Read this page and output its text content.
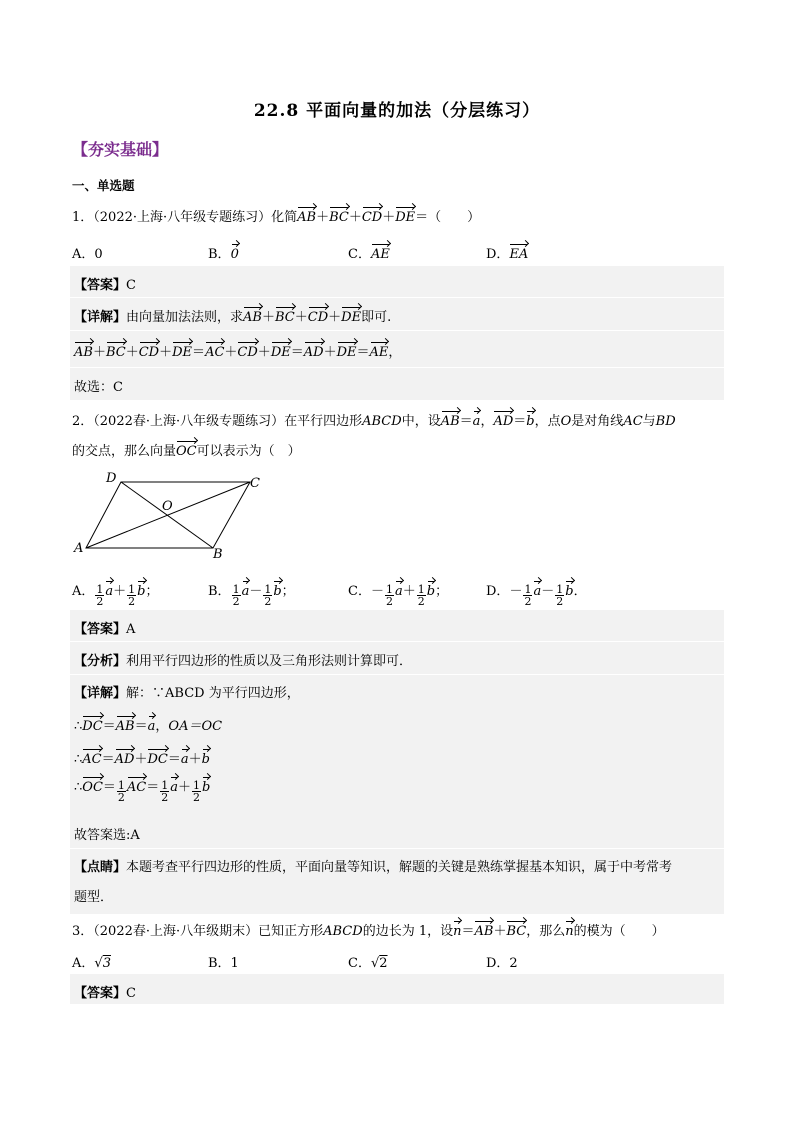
22.8 平面向量的加法（分层练习）
【夯实基础】
一、单选题
1．（2022·上海·八年级专题练习）化简AB＋BC＋CD＋DE＝（　　）
A．0	B．0	C．AE	D．EA
【答案】C
【详解】由向量加法法则，求AB＋BC＋CD＋DE即可.
AB＋BC＋CD＋DE＝AC＋CD＋DE＝AD＋DE＝AE，
故选：C
2．（2022春·上海·八年级专题练习）在平行四边形ABCD中，设AB＝a，AD＝b，点O是对角线AC与BD
的交点，那么向量OC可以表示为（　）
A	B
C
D
O
A． $\frac{1}{2} a+ \frac{1}{2}$ b；	B． $\frac{1}{2} a- \frac{1}{2}$ b；	C．－ $\frac{1}{2} a+ \frac{1}{2}$ b；	D．－ $\frac{1}{2} a- \frac{1}{2}$ b．
【答案】A
【分析】利用平行四边形的性质以及三角形法则计算即可．
【详解】解：∵ABCD 为平行四边形，
∴DC＝AB＝a，OA＝OC
∴AC＝AD＋DC＝a＋b
∴OC＝ $\frac{1}{2} AC= \frac{1}{2} a+ \frac{1}{2}$ b
故答案选:A
【点睛】本题考查平行四边形的性质，平面向量等知识，解题的关键是熟练掌握基本知识，属于中考常考
题型．
3．（2022春·上海·八年级期末）已知正方形ABCD的边长为 1，设n＝AB＋BC，那么n的模为（　　）
A．√3	B．1	C．√2	D．2
【答案】C
